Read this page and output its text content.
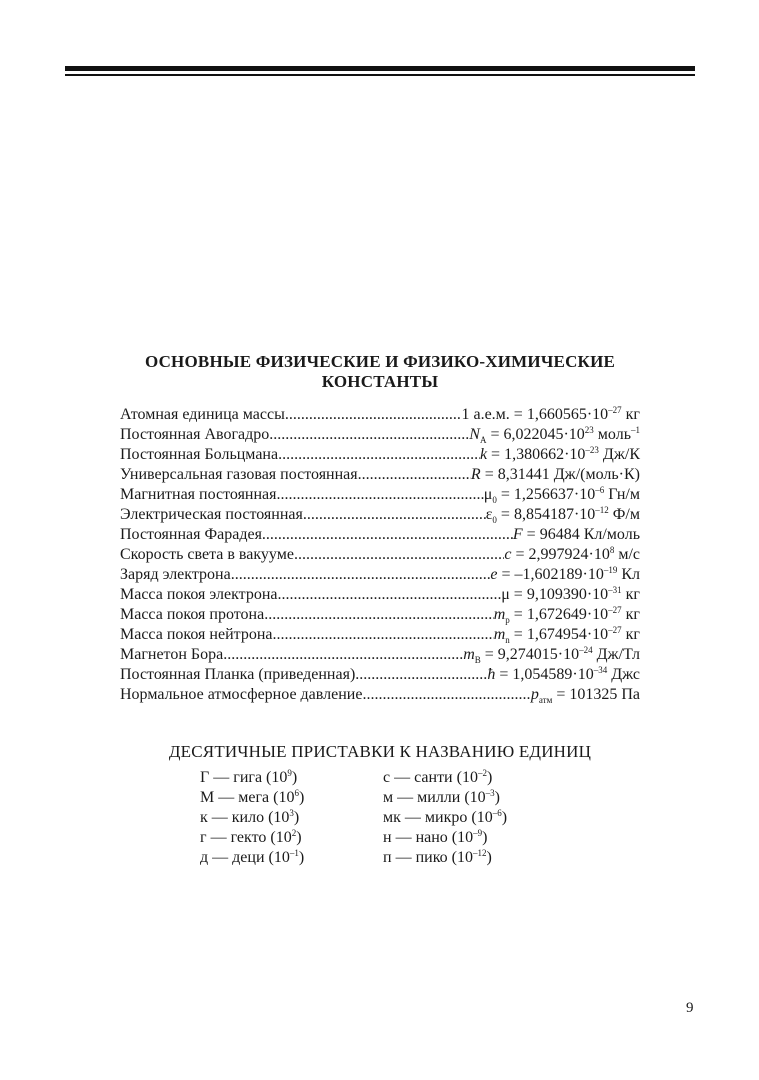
ОСНОВНЫЕ ФИЗИЧЕСКИЕ И ФИЗИКО-ХИМИЧЕСКИЕ
КОНСТАНТЫ
Атомная единица массы .....	1 а.е.м. = $1,660565\cdot 10^{-27}$ кг
Постоянная Авогадро .....	$N_A = 6,022045\cdot 10^{23}$ моль$^{-1}$
Постоянная Больцмана .....	$k = 1,380662\cdot 10^{-23}$ Дж/К
Универсальная газовая постоянная .....	R = 8,31441 Дж/(моль·К)
Магнитная постоянная .....	$\mu_0 = 1,256637\cdot 10^{-6}$ Гн/м
Электрическая постоянная .....	$\varepsilon_0 = 8,854187\cdot 10^{-12}$ Ф/м
Постоянная Фарадея .....	F = 96484 Кл/моль
Скорость света в вакууме .....	$c = 2,997924\cdot 10^8$ м/с
Заряд электрона .....	$e = -1,602189\cdot 10^{-19}$ Кл
Масса покоя электрона .....	$\mu = 9,109390\cdot 10^{-31}$ кг
Масса покоя протона .....	$m_p = 1,672649\cdot 10^{-27}$ кг
Масса покоя нейтрона .....	$m_n = 1,674954\cdot 10^{-27}$ кг
Магнетон Бора .....	$m_B = 9,274015\cdot 10^{-24}$ Дж/Тл
Постоянная Планка (приведенная) .....	ħ = $1,054589\cdot 10^{-34}$ Джс
Нормальное атмосферное давление .....	$p_{атм} = 101325$ Па
ДЕСЯТИЧНЫЕ ПРИСТАВКИ К НАЗВАНИЮ ЕДИНИЦ
Г — гига $(10^9)$	с — санти $(10^{-2})$
М — мега $(10^6)$	м — милли $(10^{-3})$
к — кило $(10^3)$	мк — микро $(10^{-6})$
г — гекто $(10^2)$	н — нано $(10^{-9})$
д — деци $(10^{-1})$	п — пико $(10^{-12})$
9
